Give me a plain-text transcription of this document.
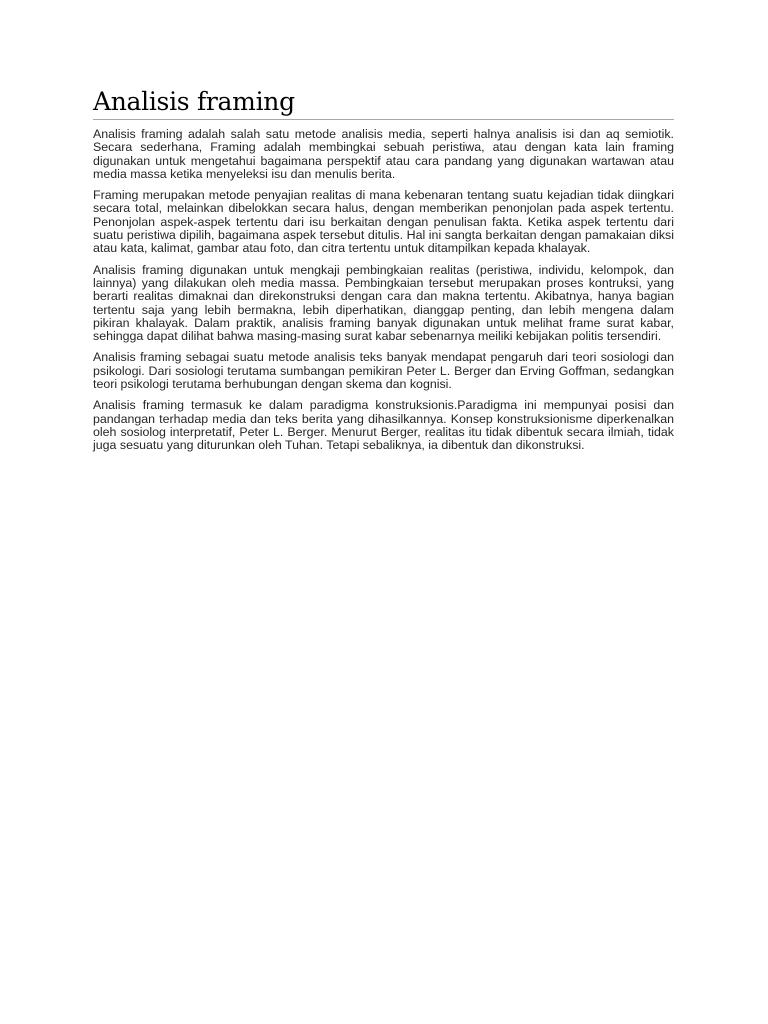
Analisis framing

Analisis framing adalah salah satu metode analisis media, seperti halnya analisis isi dan aq semiotik. Secara sederhana, Framing adalah membingkai sebuah peristiwa, atau dengan kata lain framing digunakan untuk mengetahui bagaimana perspektif atau cara pandang yang digunakan wartawan atau media massa ketika menyeleksi isu dan menulis berita.

Framing merupakan metode penyajian realitas di mana kebenaran tentang suatu kejadian tidak diingkari secara total, melainkan dibelokkan secara halus, dengan memberikan penonjolan pada aspek tertentu. Penonjolan aspek-aspek tertentu dari isu berkaitan dengan penulisan fakta. Ketika aspek tertentu dari suatu peristiwa dipilih, bagaimana aspek tersebut ditulis. Hal ini sangta berkaitan dengan pamakaian diksi atau kata, kalimat, gambar atau foto, dan citra tertentu untuk ditampilkan kepada khalayak.

Analisis framing digunakan untuk mengkaji pembingkaian realitas (peristiwa, individu, kelompok, dan lainnya) yang dilakukan oleh media massa. Pembingkaian tersebut merupakan proses kontruksi, yang berarti realitas dimaknai dan direkonstruksi dengan cara dan makna tertentu. Akibatnya, hanya bagian tertentu saja yang lebih bermakna, lebih diperhatikan, dianggap penting, dan lebih mengena dalam pikiran khalayak. Dalam praktik, analisis framing banyak digunakan untuk melihat frame surat kabar, sehingga dapat dilihat bahwa masing-masing surat kabar sebenarnya meiliki kebijakan politis tersendiri.

Analisis framing sebagai suatu metode analisis teks banyak mendapat pengaruh dari teori sosiologi dan psikologi. Dari sosiologi terutama sumbangan pemikiran Peter L. Berger dan Erving Goffman, sedangkan teori psikologi terutama berhubungan dengan skema dan kognisi.

Analisis framing termasuk ke dalam paradigma konstruksionis.Paradigma ini mempunyai posisi dan pandangan terhadap media dan teks berita yang dihasilkannya. Konsep konstruksionisme diperkenalkan oleh sosiolog interpretatif, Peter L. Berger. Menurut Berger, realitas itu tidak dibentuk secara ilmiah, tidak juga sesuatu yang diturunkan oleh Tuhan. Tetapi sebaliknya, ia dibentuk dan dikonstruksi.
